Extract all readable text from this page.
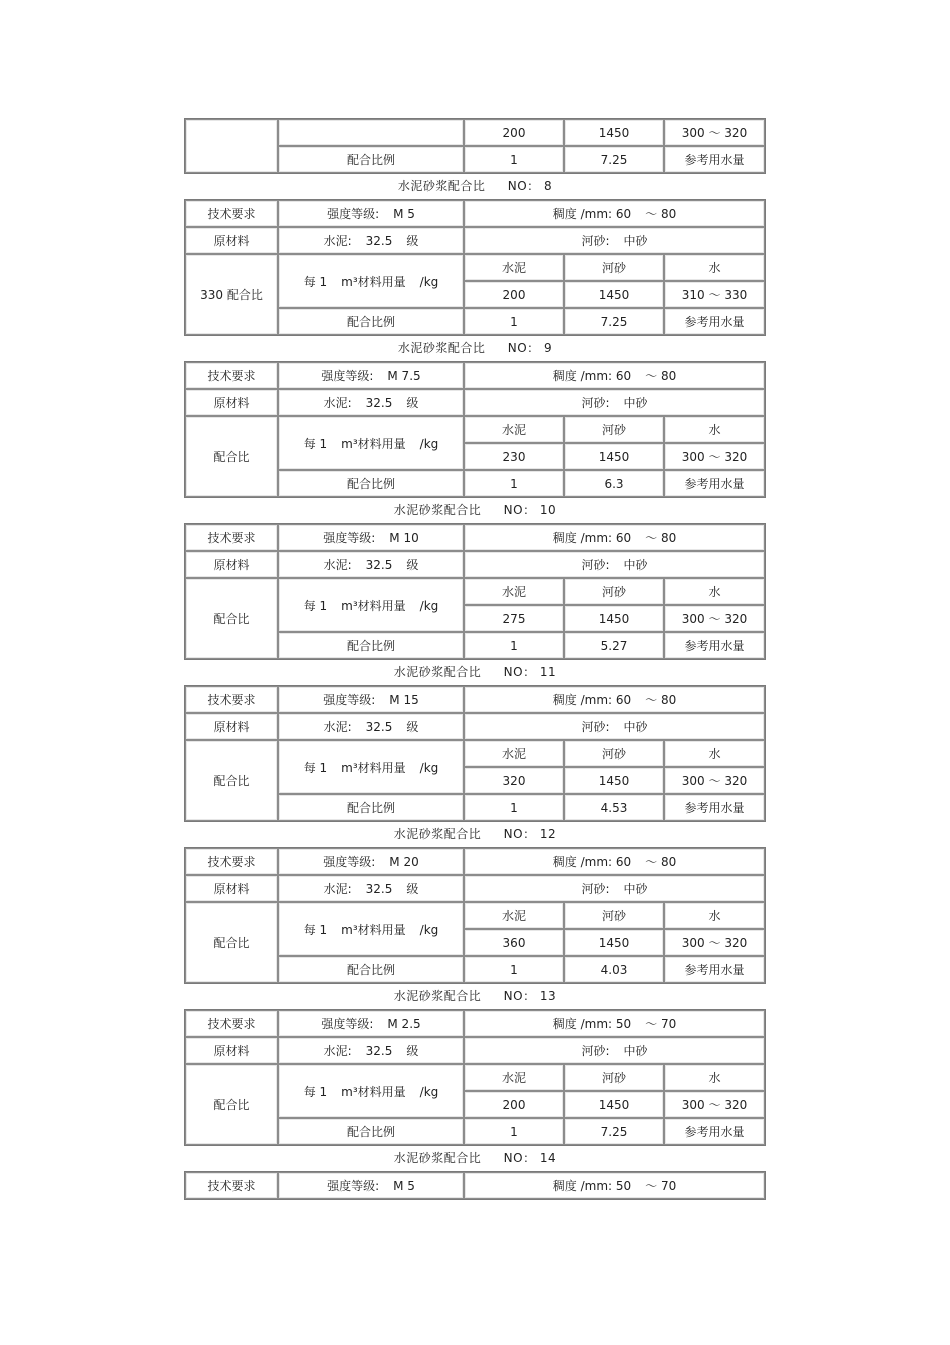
		200	1450	300 ～ 320
	配合比例	1	7.25	参考用水量
水泥砂浆配合比 NO： 8
技术要求	强度等级: M 5	稠度 /mm: 60 ～ 80		
原材料	水泥: 32.5 级	河砂: 中砂		
330 配合比	每 1 m³材料用量 /kg	水泥	河砂	水
		200	1450	310 ～ 330
	配合比例	1	7.25	参考用水量
水泥砂浆配合比 NO： 9
技术要求	强度等级: M 7.5	稠度 /mm: 60 ～ 80		
原材料	水泥: 32.5 级	河砂: 中砂		
配合比	每 1 m³材料用量 /kg	水泥	河砂	水
		230	1450	300 ～ 320
	配合比例	1	6.3	参考用水量
水泥砂浆配合比 NO： 10
技术要求	强度等级: M 10	稠度 /mm: 60 ～ 80		
原材料	水泥: 32.5 级	河砂: 中砂		
配合比	每 1 m³材料用量 /kg	水泥	河砂	水
		275	1450	300 ～ 320
	配合比例	1	5.27	参考用水量
水泥砂浆配合比 NO： 11
技术要求	强度等级: M 15	稠度 /mm: 60 ～ 80		
原材料	水泥: 32.5 级	河砂: 中砂		
配合比	每 1 m³材料用量 /kg	水泥	河砂	水
		320	1450	300 ～ 320
	配合比例	1	4.53	参考用水量
水泥砂浆配合比 NO： 12
技术要求	强度等级: M 20	稠度 /mm: 60 ～ 80		
原材料	水泥: 32.5 级	河砂: 中砂		
配合比	每 1 m³材料用量 /kg	水泥	河砂	水
		360	1450	300 ～ 320
	配合比例	1	4.03	参考用水量
水泥砂浆配合比 NO： 13
技术要求	强度等级: M 2.5	稠度 /mm: 50 ～ 70		
原材料	水泥: 32.5 级	河砂: 中砂		
配合比	每 1 m³材料用量 /kg	水泥	河砂	水
		200	1450	300 ～ 320
	配合比例	1	7.25	参考用水量
水泥砂浆配合比 NO： 14
技术要求	强度等级: M 5	稠度 /mm: 50 ～ 70
